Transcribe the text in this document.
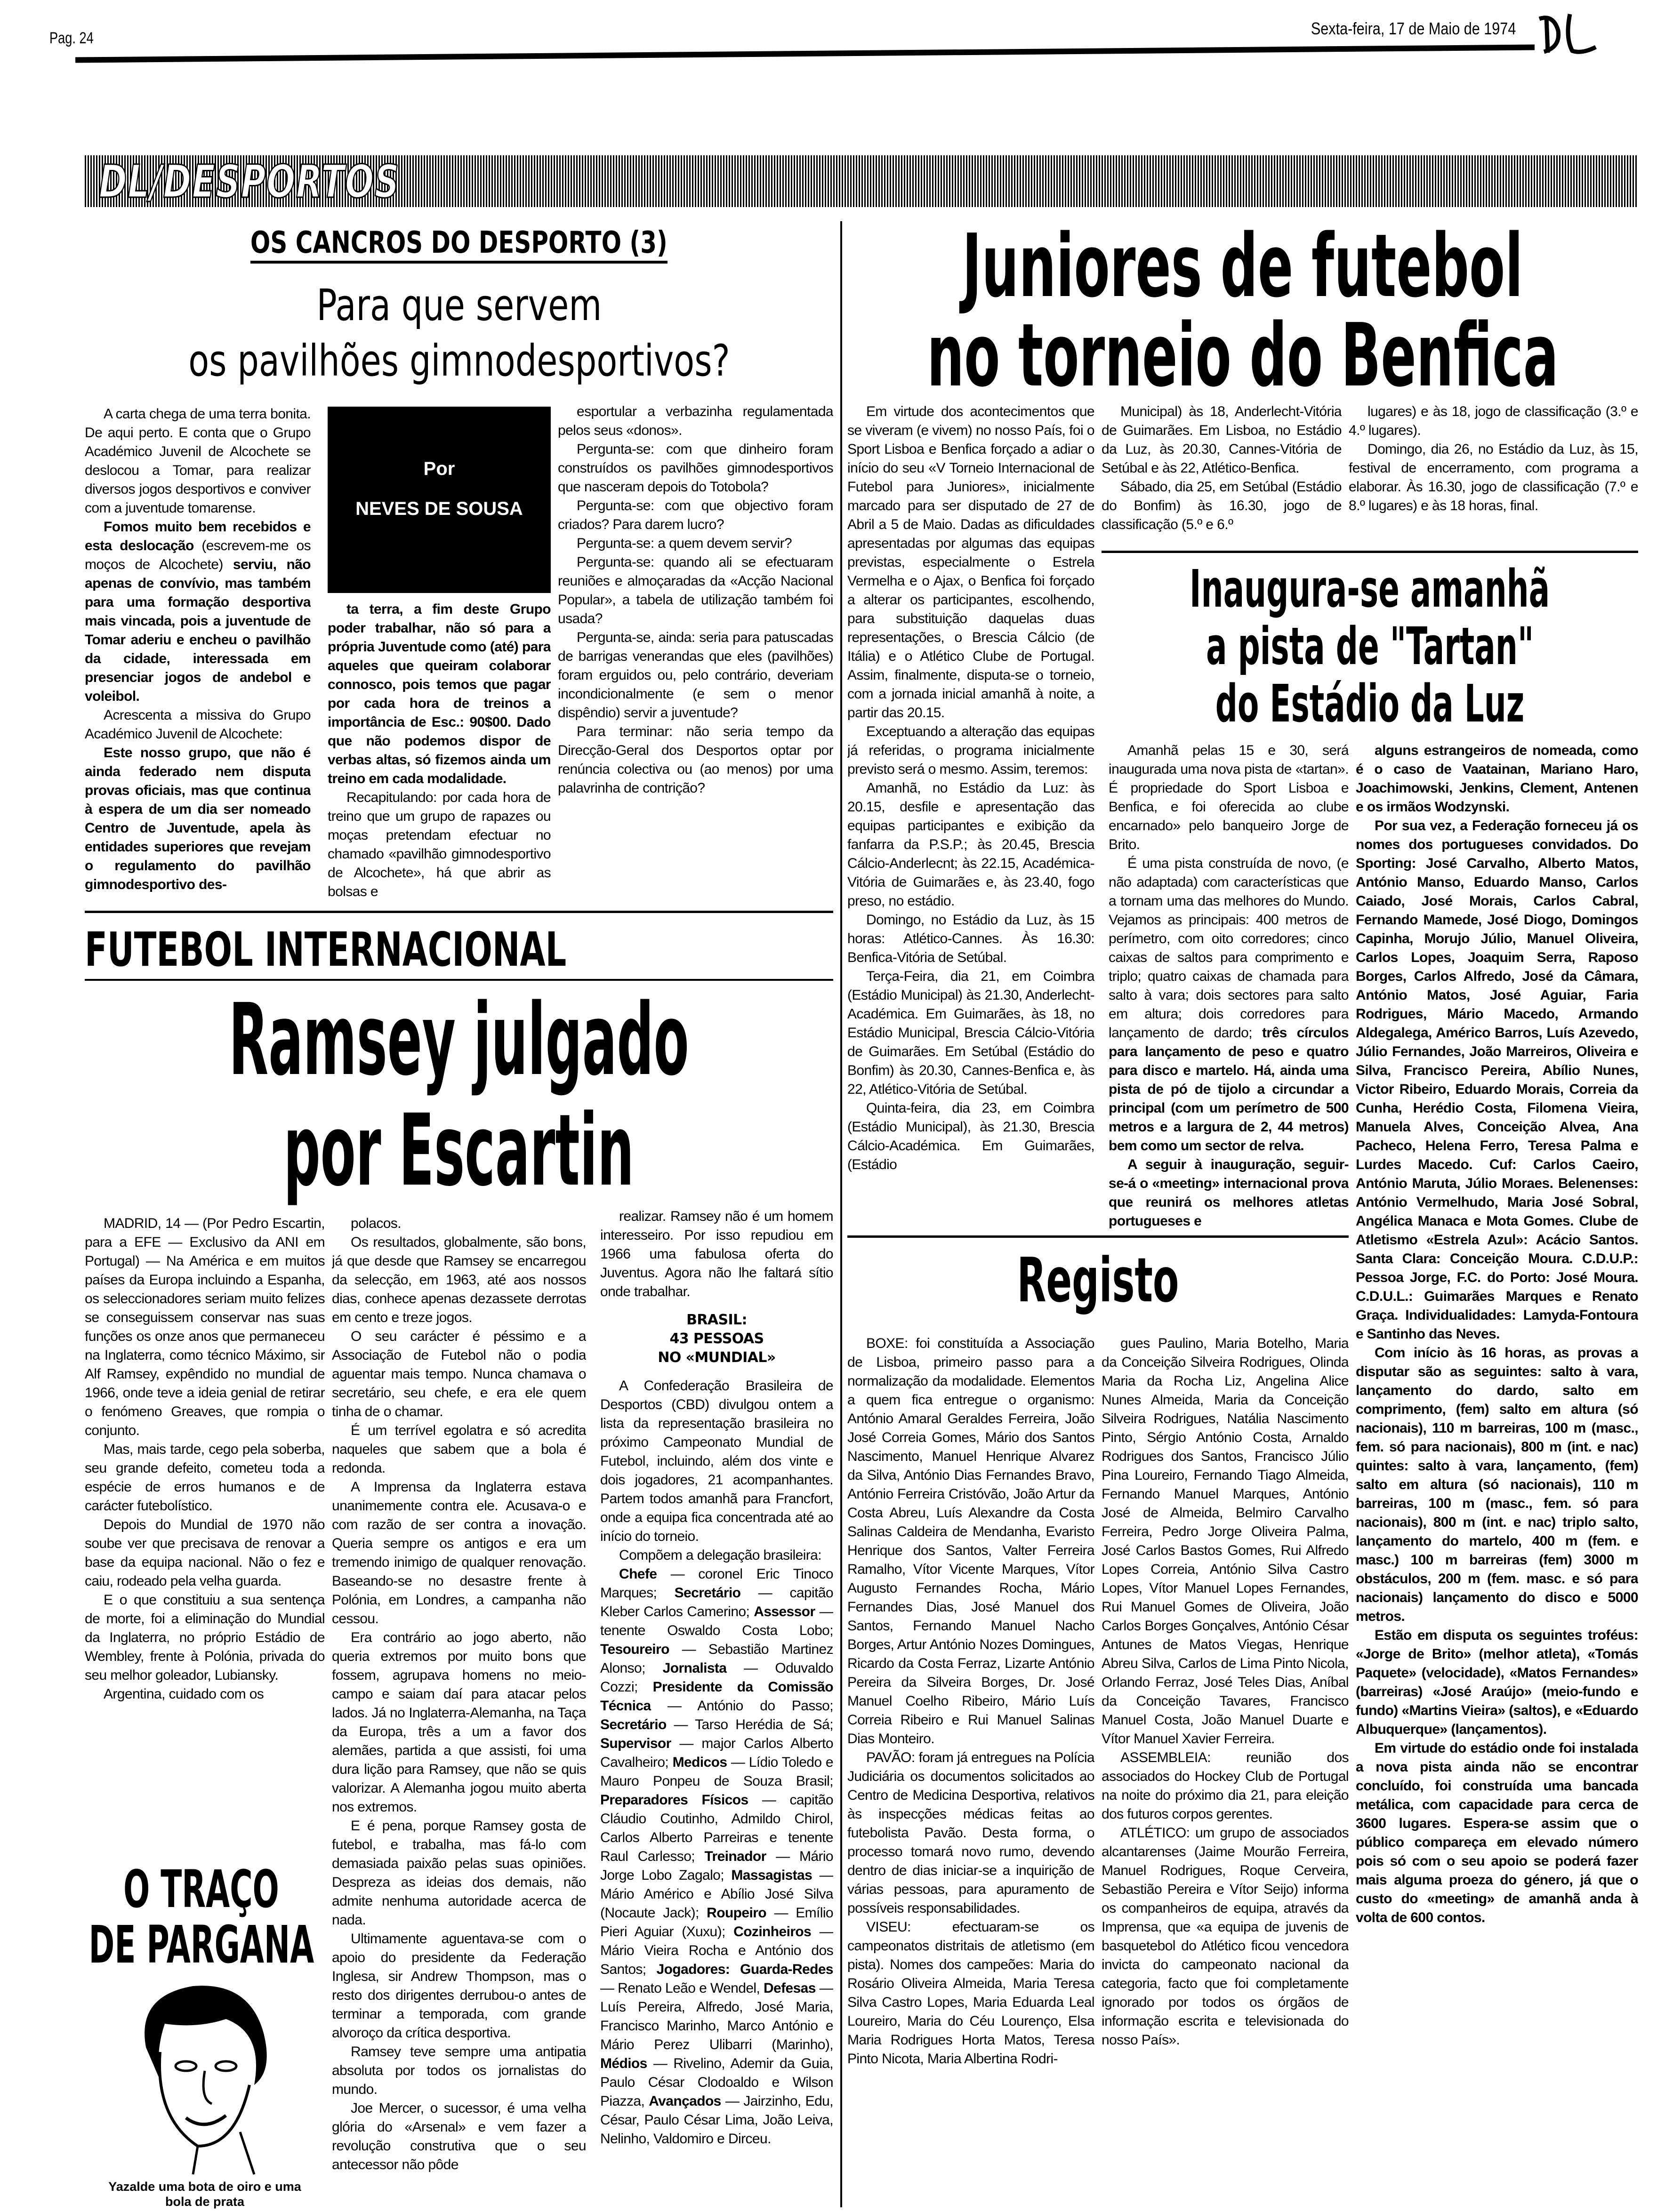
Pag. 24	Sexta-feira, 17 de Maio de 1974
DL/DESPORTOS
OS CANCROS DO DESPORTO (3)
Para que servem
os pavilhões gimnodesportivos?

A carta chega de uma terra bonita. De aqui perto. E conta que o Grupo Académico Juvenil de Alcochete se deslocou a Tomar, para realizar diversos jogos desportivos e conviver com a juventude tomarense.

Fomos muito bem recebidos e esta deslocação (escrevem-me os moços de Alcochete) serviu, não apenas de convívio, mas também para uma formação desportiva mais vincada, pois a juventude de Tomar aderiu e encheu o pavilhão da cidade, interessada em presenciar jogos de andebol e voleibol.

Acrescenta a missiva do Grupo Académico Juvenil de Alcochete:

Este nosso grupo, que não é ainda federado nem disputa provas oficiais, mas que continua à espera de um dia ser nomeado Centro de Juventude, apela às entidades superiores que revejam o regulamento do pavilhão gimnodesportivo des-

Por
NEVES DE SOUSA

ta terra, a fim deste Grupo poder trabalhar, não só para a própria Juventude como (até) para aqueles que queiram colaborar connosco, pois temos que pagar por cada hora de treinos a importância de Esc.: 90$00. Dado que não podemos dispor de verbas altas, só fizemos ainda um treino em cada modalidade.

Recapitulando: por cada hora de treino que um grupo de rapazes ou moças pretendam efectuar no chamado «pavilhão gimnodesportivo de Alcochete», há que abrir as bolsas e

esportular a verbazinha regulamentada pelos seus «donos».

Pergunta-se: com que dinheiro foram construídos os pavilhões gimnodesportivos que nasceram depois do Totobola?

Pergunta-se: com que objectivo foram criados? Para darem lucro?

Pergunta-se: a quem devem servir?

Pergunta-se: quando ali se efectuaram reuniões e almoçaradas da «Acção Nacional Popular», a tabela de utilização também foi usada?

Pergunta-se, ainda: seria para patuscadas de barrigas venerandas que eles (pavilhões) foram erguidos ou, pelo contrário, deveriam incondicionalmente (e sem o menor dispêndio) servir a juventude?

Para terminar: não seria tempo da Direcção-Geral dos Desportos optar por renúncia colectiva ou (ao menos) por uma palavrinha de contrição?

FUTEBOL INTERNACIONAL
Ramsey julgado
por Escartin

MADRID, 14 — (Por Pedro Escartin, para a EFE — Exclusivo da ANI em Portugal) — Na América e em muitos países da Europa incluindo a Espanha, os seleccionadores seriam muito felizes se conseguissem conservar nas suas funções os onze anos que permaneceu na Inglaterra, como técnico Máximo, sir Alf Ramsey, expêndido no mundial de 1966, onde teve a ideia genial de retirar o fenómeno Greaves, que rompia o conjunto.

Mas, mais tarde, cego pela soberba, seu grande defeito, cometeu toda a espécie de erros humanos e de carácter futebolístico.

Depois do Mundial de 1970 não soube ver que precisava de renovar a base da equipa nacional. Não o fez e caiu, rodeado pela velha guarda.

E o que constituiu a sua sentença de morte, foi a eliminação do Mundial da Inglaterra, no próprio Estádio de Wembley, frente à Polónia, privada do seu melhor goleador, Lubiansky.

Argentina, cuidado com os

polacos.

Os resultados, globalmente, são bons, já que desde que Ramsey se encarregou da selecção, em 1963, até aos nossos dias, conhece apenas dezassete derrotas em cento e treze jogos.

O seu carácter é péssimo e a Associação de Futebol não o podia aguentar mais tempo. Nunca chamava o secretário, seu chefe, e era ele quem tinha de o chamar.

É um terrível egolatra e só acredita naqueles que sabem que a bola é redonda.

A Imprensa da Inglaterra estava unanimemente contra ele. Acusava-o e com razão de ser contra a inovação. Queria sempre os antigos e era um tremendo inimigo de qualquer renovação. Baseando-se no desastre frente à Polónia, em Londres, a campanha não cessou.

Era contrário ao jogo aberto, não queria extremos por muito bons que fossem, agrupava homens no meio-campo e saiam daí para atacar pelos lados. Já no Inglaterra-Alemanha, na Taça da Europa, três a um a favor dos alemães, partida a que assisti, foi uma dura lição para Ramsey, que não se quis valorizar. A Alemanha jogou muito aberta nos extremos.

E é pena, porque Ramsey gosta de futebol, e trabalha, mas fá-lo com demasiada paixão pelas suas opiniões. Despreza as ideias dos demais, não admite nenhuma autoridade acerca de nada.

Ultimamente aguentava-se com o apoio do presidente da Federação Inglesa, sir Andrew Thompson, mas o resto dos dirigentes derrubou-o antes de terminar a temporada, com grande alvoroço da crítica desportiva.

Ramsey teve sempre uma antipatia absoluta por todos os jornalistas do mundo.

Joe Mercer, o sucessor, é uma velha glória do «Arsenal» e vem fazer a revolução construtiva que o seu antecessor não pôde

realizar. Ramsey não é um homem interesseiro. Por isso repudiou em 1966 uma fabulosa oferta do Juventus. Agora não lhe faltará sítio onde trabalhar.

BRASIL:
43 PESSOAS
NO «MUNDIAL»

A Confederação Brasileira de Desportos (CBD) divulgou ontem a lista da representação brasileira no próximo Campeonato Mundial de Futebol, incluindo, além dos vinte e dois jogadores, 21 acompanhantes. Partem todos amanhã para Francfort, onde a equipa fica concentrada até ao início do torneio.

Compõem a delegação brasileira:

Chefe — coronel Eric Tinoco Marques; Secretário — capitão Kleber Carlos Camerino; Assessor — tenente Oswaldo Costa Lobo; Tesoureiro — Sebastião Martinez Alonso; Jornalista — Oduvaldo Cozzi; Presidente da Comissão Técnica — António do Passo; Secretário — Tarso Herédia de Sá; Supervisor — major Carlos Alberto Cavalheiro; Medicos — Lídio Toledo e Mauro Ponpeu de Souza Brasil; Preparadores Físicos — capitão Cláudio Coutinho, Admildo Chirol, Carlos Alberto Parreiras e tenente Raul Carlesso; Treinador — Mário Jorge Lobo Zagalo; Massagistas — Mário Américo e Abílio José Silva (Nocaute Jack); Roupeiro — Emílio Pieri Aguiar (Xuxu); Cozinheiros — Mário Vieira Rocha e António dos Santos; Jogadores: Guarda-Redes — Renato Leão e Wendel, Defesas — Luís Pereira, Alfredo, José Maria, Francisco Marinho, Marco António e Mário Perez Ulibarri (Marinho), Médios — Rivelino, Ademir da Guia, Paulo César Clodoaldo e Wilson Piazza, Avançados — Jairzinho, Edu, César, Paulo César Lima, João Leiva, Nelinho, Valdomiro e Dirceu.

O TRAÇO
DE PARGANA
Yazalde uma bota de oiro e uma bola de prata
Juniores de futebol
no torneio do Benfica

Em virtude dos acontecimentos que se viveram (e vivem) no nosso País, foi o Sport Lisboa e Benfica forçado a adiar o início do seu «V Torneio Internacional de Futebol para Juniores», inicialmente marcado para ser disputado de 27 de Abril a 5 de Maio. Dadas as dificuldades apresentadas por algumas das equipas previstas, especialmente o Estrela Vermelha e o Ajax, o Benfica foi forçado a alterar os participantes, escolhendo, para substituição daquelas duas representações, o Brescia Cálcio (de Itália) e o Atlético Clube de Portugal. Assim, finalmente, disputa-se o torneio, com a jornada inicial amanhã à noite, a partir das 20.15.

Exceptuando a alteração das equipas já referidas, o programa inicialmente previsto será o mesmo. Assim, teremos:

Amanhã, no Estádio da Luz: às 20.15, desfile e apresentação das equipas participantes e exibição da fanfarra da P.S.P.; às 20.45, Brescia Cálcio-Anderlecnt; às 22.15, Académica-Vitória de Guimarães e, às 23.40, fogo preso, no estádio.

Domingo, no Estádio da Luz, às 15 horas: Atlético-Cannes. Às 16.30: Benfica-Vitória de Setúbal.

Terça-Feira, dia 21, em Coimbra (Estádio Municipal) às 21.30, Anderlecht-Académica. Em Guimarães, às 18, no Estádio Municipal, Brescia Cálcio-Vitória de Guimarães. Em Setúbal (Estádio do Bonfim) às 20.30, Cannes-Benfica e, às 22, Atlético-Vitória de Setúbal.

Quinta-feira, dia 23, em Coimbra (Estádio Municipal), às 21.30, Brescia Cálcio-Académica. Em Guimarães, (Estádio

Municipal) às 18, Anderlecht-Vitória de Guimarães. Em Lisboa, no Estádio da Luz, às 20.30, Cannes-Vitória de Setúbal e às 22, Atlético-Benfica.

Sábado, dia 25, em Setúbal (Estádio do Bonfim) às 16.30, jogo de classificação (5.º e 6.º

lugares) e às 18, jogo de classificação (3.º e 4.º lugares).

Domingo, dia 26, no Estádio da Luz, às 15, festival de encerramento, com programa a elaborar. Às 16.30, jogo de classificação (7.º e 8.º lugares) e às 18 horas, final.

Inaugura-se amanhã
a pista de "Tartan"
do Estádio da Luz

Amanhã pelas 15 e 30, será inaugurada uma nova pista de «tartan». É propriedade do Sport Lisboa e Benfica, e foi oferecida ao clube encarnado» pelo banqueiro Jorge de Brito.

É uma pista construída de novo, (e não adaptada) com características que a tornam uma das melhores do Mundo. Vejamos as principais: 400 metros de perímetro, com oito corredores; cinco caixas de saltos para comprimento e triplo; quatro caixas de chamada para salto à vara; dois sectores para salto em altura; dois corredores para lançamento de dardo; três círculos para lançamento de peso e quatro para disco e martelo. Há, ainda uma pista de pó de tijolo a circundar a principal (com um perímetro de 500 metros e a largura de 2, 44 metros) bem como um sector de relva.

A seguir à inauguração, seguir-se-á o «meeting» internacional prova que reunirá os melhores atletas portugueses e

alguns estrangeiros de nomeada, como é o caso de Vaatainan, Mariano Haro, Joachimowski, Jenkins, Clement, Antenen e os irmãos Wodzynski.

Por sua vez, a Federação forneceu já os nomes dos portugueses convidados. Do Sporting: José Carvalho, Alberto Matos, António Manso, Eduardo Manso, Carlos Caiado, José Morais, Carlos Cabral, Fernando Mamede, José Diogo, Domingos Capinha, Morujo Júlio, Manuel Oliveira, Carlos Lopes, Joaquim Serra, Raposo Borges, Carlos Alfredo, José da Câmara, António Matos, José Aguiar, Faria Rodrigues, Mário Macedo, Armando Aldegalega, Américo Barros, Luís Azevedo, Júlio Fernandes, João Marreiros, Oliveira e Silva, Francisco Pereira, Abílio Nunes, Victor Ribeiro, Eduardo Morais, Correia da Cunha, Herédio Costa, Filomena Vieira, Manuela Alves, Conceição Alvea, Ana Pacheco, Helena Ferro, Teresa Palma e Lurdes Macedo. Cuf: Carlos Caeiro, António Maruta, Júlio Moraes. Belenenses: António Vermelhudo, Maria José Sobral, Angélica Manaca e Mota Gomes. Clube de Atletismo «Estrela Azul»: Acácio Santos. Santa Clara: Conceição Moura. C.D.U.P.: Pessoa Jorge, F.C. do Porto: José Moura. C.D.U.L.: Guimarães Marques e Renato Graça. Individualidades: Lamyda-Fontoura e Santinho das Neves.

Com início às 16 horas, as provas a disputar são as seguintes: salto à vara, lançamento do dardo, salto em comprimento, (fem) salto em altura (só nacionais), 110 m barreiras, 100 m (masc., fem. só para nacionais), 800 m (int. e nac) quintes: salto à vara, lançamento, (fem) salto em altura (só nacionais), 110 m barreiras, 100 m (masc., fem. só para nacionais), 800 m (int. e nac) triplo salto, lançamento do martelo, 400 m (fem. e masc.) 100 m barreiras (fem) 3000 m obstáculos, 200 m (fem. masc. e só para nacionais) lançamento do disco e 5000 metros.

Estão em disputa os seguintes troféus: «Jorge de Brito» (melhor atleta), «Tomás Paquete» (velocidade), «Matos Fernandes» (barreiras) «José Araújo» (meio-fundo e fundo) «Martins Vieira» (saltos), e «Eduardo Albuquerque» (lançamentos).

Em virtude do estádio onde foi instalada a nova pista ainda não se encontrar concluído, foi construída uma bancada metálica, com capacidade para cerca de 3600 lugares. Espera-se assim que o público compareça em elevado número pois só com o seu apoio se poderá fazer mais alguma proeza do género, já que o custo do «meeting» de amanhã anda à volta de 600 contos.

Registo

BOXE: foi constituída a Associação de Lisboa, primeiro passo para a normalização da modalidade. Elementos a quem fica entregue o organismo: António Amaral Geraldes Ferreira, João José Correia Gomes, Mário dos Santos Nascimento, Manuel Henrique Alvarez da Silva, António Dias Fernandes Bravo, António Ferreira Cristóvão, João Artur da Costa Abreu, Luís Alexandre da Costa Salinas Caldeira de Mendanha, Evaristo Henrique dos Santos, Valter Ferreira Ramalho, Vítor Vicente Marques, Vítor Augusto Fernandes Rocha, Mário Fernandes Dias, José Manuel dos Santos, Fernando Manuel Nacho Borges, Artur António Nozes Domingues, Ricardo da Costa Ferraz, Lizarte António Pereira da Silveira Borges, Dr. José Manuel Coelho Ribeiro, Mário Luís Correia Ribeiro e Rui Manuel Salinas Dias Monteiro.

PAVÃO: foram já entregues na Polícia Judiciária os documentos solicitados ao Centro de Medicina Desportiva, relativos às inspecções médicas feitas ao futebolista Pavão. Desta forma, o processo tomará novo rumo, devendo dentro de dias iniciar-se a inquirição de várias pessoas, para apuramento de possíveis responsabilidades.

VISEU: efectuaram-se os campeonatos distritais de atletismo (em pista). Nomes dos campeões: Maria do Rosário Oliveira Almeida, Maria Teresa Silva Castro Lopes, Maria Eduarda Leal Loureiro, Maria do Céu Lourenço, Elsa Maria Rodrigues Horta Matos, Teresa Pinto Nicota, Maria Albertina Rodri-

gues Paulino, Maria Botelho, Maria da Conceição Silveira Rodrigues, Olinda Maria da Rocha Liz, Angelina Alice Nunes Almeida, Maria da Conceição Silveira Rodrigues, Natália Nascimento Pinto, Sérgio António Costa, Arnaldo Rodrigues dos Santos, Francisco Júlio Pina Loureiro, Fernando Tiago Almeida, Fernando Manuel Marques, António José de Almeida, Belmiro Carvalho Ferreira, Pedro Jorge Oliveira Palma, José Carlos Bastos Gomes, Rui Alfredo Lopes Correia, António Silva Castro Lopes, Vítor Manuel Lopes Fernandes, Rui Manuel Gomes de Oliveira, João Carlos Borges Gonçalves, António César Antunes de Matos Viegas, Henrique Abreu Silva, Carlos de Lima Pinto Nicola, Orlando Ferraz, José Teles Dias, Aníbal da Conceição Tavares, Francisco Manuel Costa, João Manuel Duarte e Vítor Manuel Xavier Ferreira.

ASSEMBLEIA: reunião dos associados do Hockey Club de Portugal na noite do próximo dia 21, para eleição dos futuros corpos gerentes.

ATLÉTICO: um grupo de associados alcantarenses (Jaime Mourão Ferreira, Manuel Rodrigues, Roque Cerveira, Sebastião Pereira e Vítor Seijo) informa os companheiros de equipa, através da Imprensa, que «a equipa de juvenis de basquetebol do Atlético ficou vencedora invicta do campeonato nacional da categoria, facto que foi completamente ignorado por todos os órgãos de informação escrita e televisionada do nosso País».
